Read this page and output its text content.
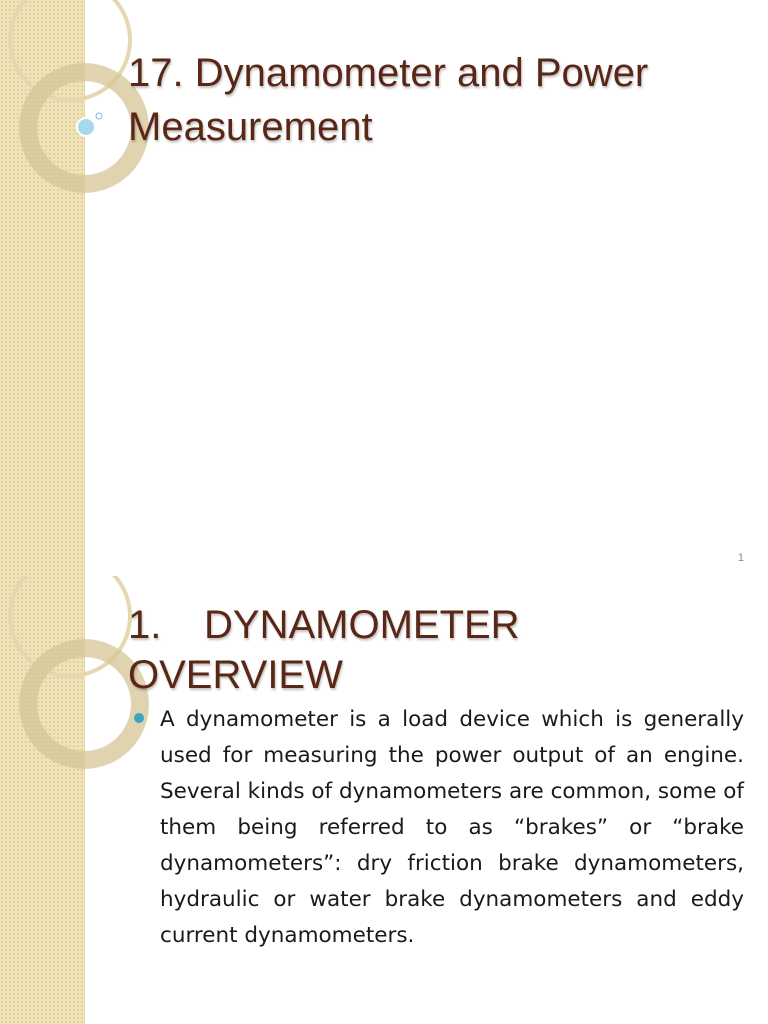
17. Dynamometer and Power Measurement
1
1. DYNAMOMETER OVERVIEW

A dynamometer is a load device which is generally used for measuring the power output of an engine. Several kinds of dynamometers are common, some of them being referred to as “brakes” or “brake dynamometers”: dry friction brake dynamometers, hydraulic or water brake dynamometers and eddy current dynamometers.
